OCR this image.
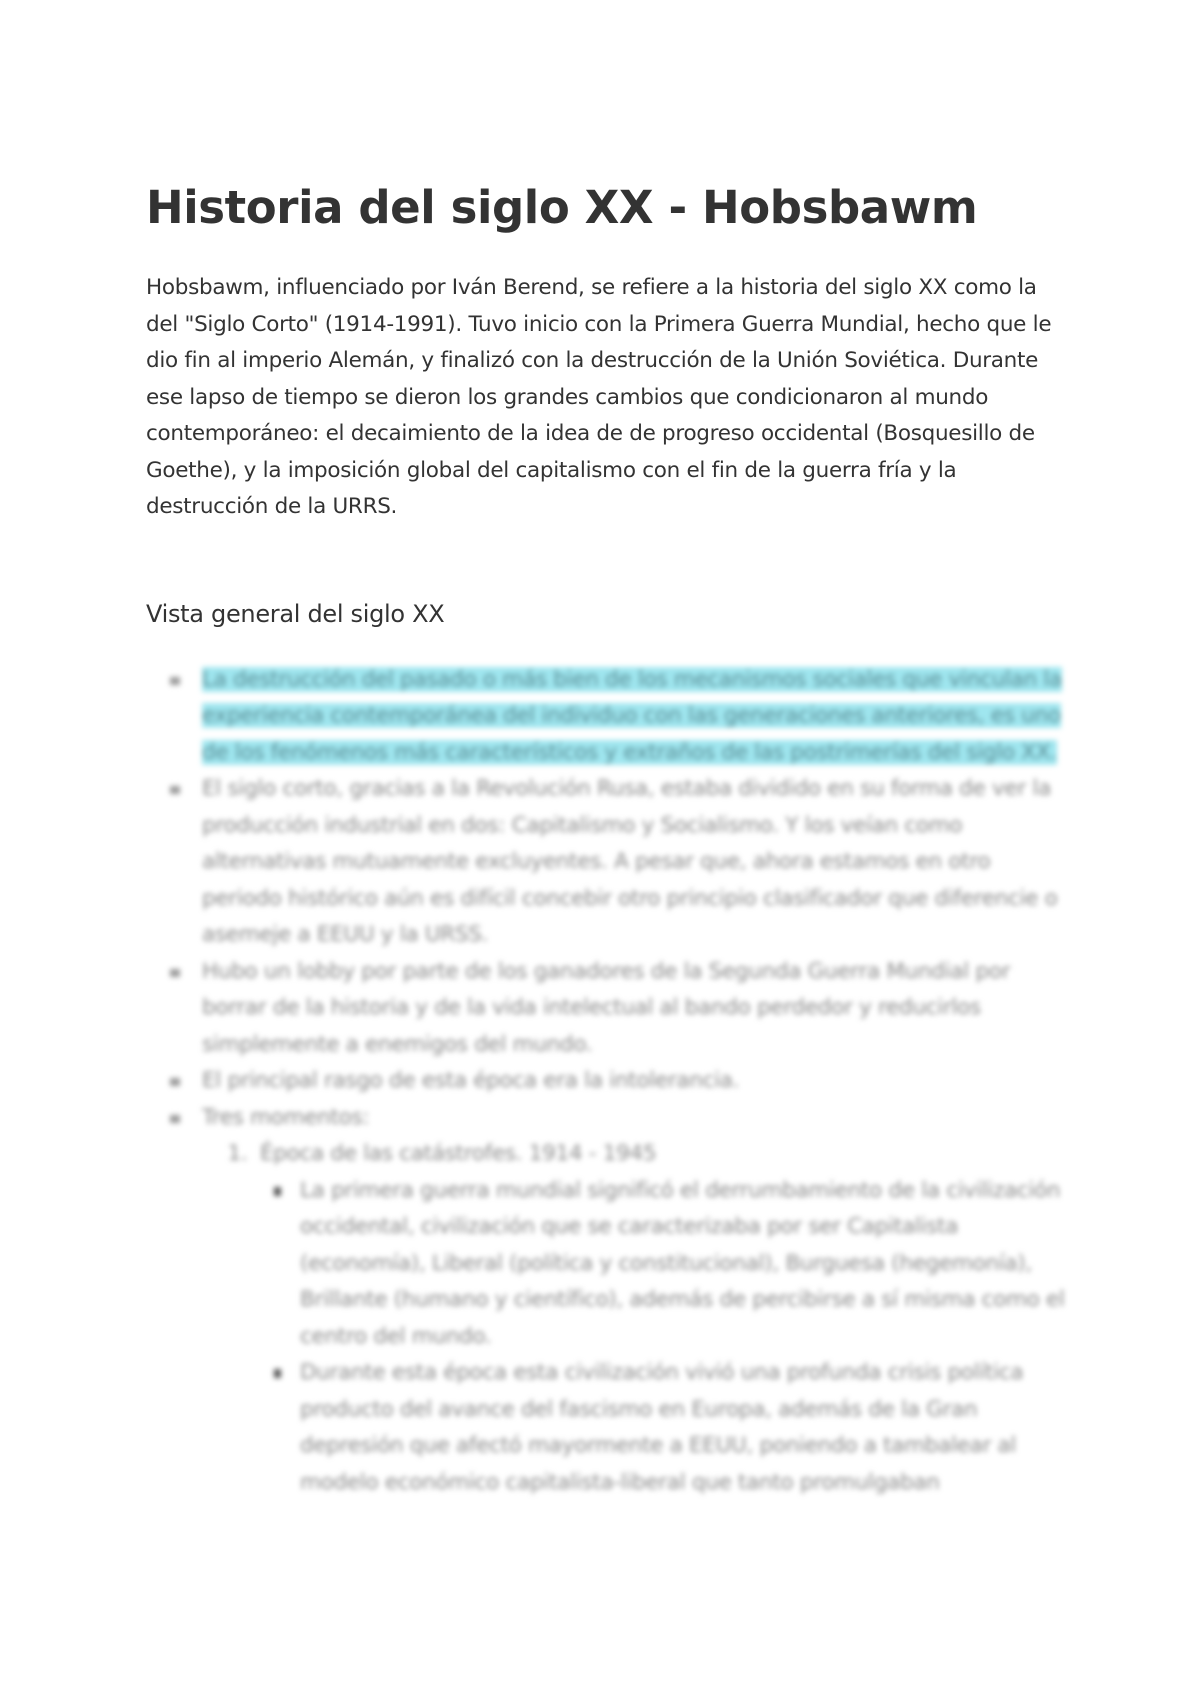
Historia del siglo XX - Hobsbawm

Hobsbawm, influenciado por Iván Berend, se refiere a la historia del siglo XX como la del "Siglo Corto" (1914-1991). Tuvo inicio con la Primera Guerra Mundial, hecho que le dio fin al imperio Alemán, y finalizó con la destrucción de la Unión Soviética. Durante ese lapso de tiempo se dieron los grandes cambios que condicionaron al mundo contemporáneo: el decaimiento de la idea de de progreso occidental (Bosquesillo de Goethe), y la imposición global del capitalismo con el fin de la guerra fría y la destrucción de la URRS.

Vista general del siglo XX
La destrucción del pasado o más bien de los mecanismos sociales que vinculan la experiencia contemporánea del individuo con las generaciones anteriores, es uno de los fenómenos más característicos y extraños de las postrimerías del siglo XX.
El siglo corto, gracias a la Revolución Rusa, estaba dividido en su forma de ver la producción industrial en dos: Capitalismo y Socialismo. Y los veían como alternativas mutuamente excluyentes. A pesar que, ahora estamos en otro periodo histórico aún es difícil concebir otro principio clasificador que diferencie o asemeje a EEUU y la URSS.
Hubo un lobby por parte de los ganadores de la Segunda Guerra Mundial por borrar de la historia y de la vida intelectual al bando perdedor y reducirlos simplemente a enemigos del mundo.
El principal rasgo de esta época era la intolerancia.
Tres momentos:
1. Época de las catástrofes. 1914 - 1945
La primera guerra mundial significó el derrumbamiento de la civilización occidental, civilización que se caracterizaba por ser Capitalista (economía), Liberal (política y constitucional), Burguesa (hegemonía), Brillante (humano y científico), además de percibirse a sí misma como el centro del mundo.
Durante esta época esta civilización vivió una profunda crisis política producto del avance del fascismo en Europa, además de la Gran depresión que afectó mayormente a EEUU, poniendo a tambalear al modelo económico capitalista-liberal que tanto promulgaban
